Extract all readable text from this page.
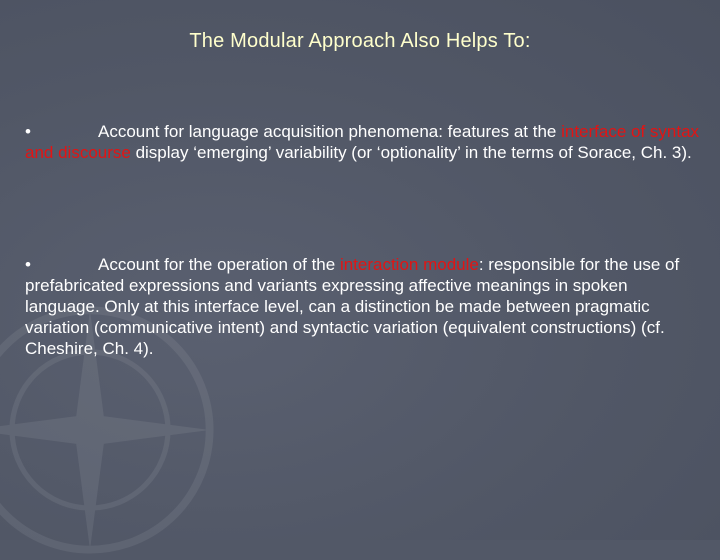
The Modular Approach Also Helps To:
•	Account for language acquisition phenomena: features at the interface of syntax and discourse display ‘emerging’ variability (or ‘optionality’ in the terms of Sorace, Ch. 3).
•	Account for the operation of the interaction module: responsible for the use of prefabricated expressions and variants expressing affective meanings in spoken language. Only at this interface level, can a distinction be made between pragmatic variation (communicative intent) and syntactic variation (equivalent constructions) (cf. Cheshire, Ch. 4).
